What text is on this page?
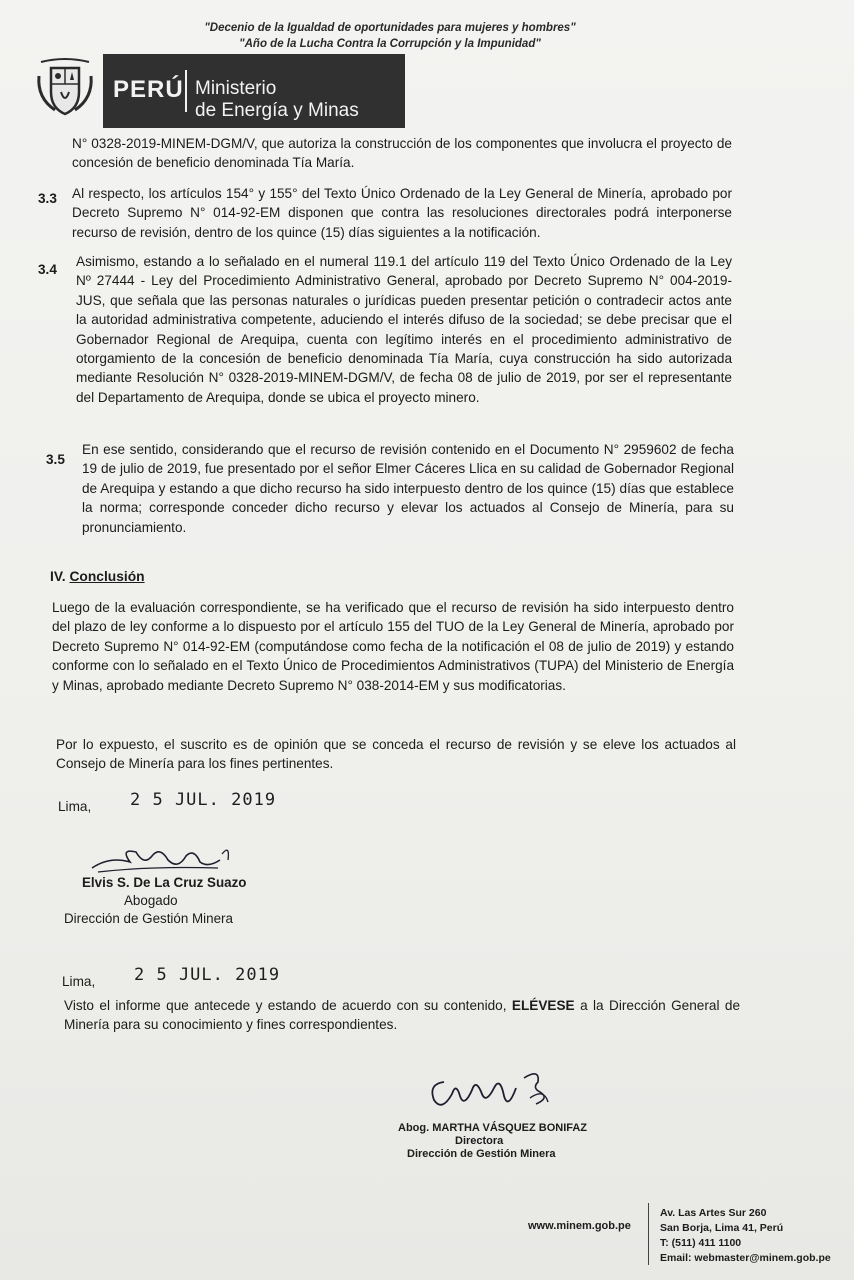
"Decenio de la Igualdad de oportunidades para mujeres y hombres"
"Año de la Lucha Contra la Corrupción y la Impunidad"
PERÚ Ministerio
de Energía y Minas
N° 0328-2019-MINEM-DGM/V, que autoriza la construcción de los componentes que involucra el proyecto de concesión de beneficio denominada Tía María.
3.3 Al respecto, los artículos 154° y 155° del Texto Único Ordenado de la Ley General de Minería, aprobado por Decreto Supremo N° 014-92-EM disponen que contra las resoluciones directorales podrá interponerse recurso de revisión, dentro de los quince (15) días siguientes a la notificación.
3.4
Asimismo, estando a lo señalado en el numeral 119.1 del artículo 119 del Texto Único Ordenado de la Ley Nº 27444 - Ley del Procedimiento Administrativo General, aprobado por Decreto Supremo N° 004-2019-JUS, que señala que las personas naturales o jurídicas pueden presentar petición o contradecir actos ante la autoridad administrativa competente, aduciendo el interés difuso de la sociedad; se debe precisar que el Gobernador Regional de Arequipa, cuenta con legítimo interés en el procedimiento administrativo de otorgamiento de la concesión de beneficio denominada Tía María, cuya construcción ha sido autorizada mediante Resolución N° 0328-2019-MINEM-DGM/V, de fecha 08 de julio de 2019, por ser el representante del Departamento de Arequipa, donde se ubica el proyecto minero.
3.5
En ese sentido, considerando que el recurso de revisión contenido en el Documento N° 2959602 de fecha 19 de julio de 2019, fue presentado por el señor Elmer Cáceres Llica en su calidad de Gobernador Regional de Arequipa y estando a que dicho recurso ha sido interpuesto dentro de los quince (15) días que establece la norma; corresponde conceder dicho recurso y elevar los actuados al Consejo de Minería, para su pronunciamiento.
IV. Conclusión
Luego de la evaluación correspondiente, se ha verificado que el recurso de revisión ha sido interpuesto dentro del plazo de ley conforme a lo dispuesto por el artículo 155 del TUO de la Ley General de Minería, aprobado por Decreto Supremo N° 014-92-EM (computándose como fecha de la notificación el 08 de julio de 2019) y estando conforme con lo señalado en el Texto Único de Procedimientos Administrativos (TUPA) del Ministerio de Energía y Minas, aprobado mediante Decreto Supremo N° 038-2014-EM y sus modificatorias.
Por lo expuesto, el suscrito es de opinión que se conceda el recurso de revisión y se eleve los actuados al Consejo de Minería para los fines pertinentes.
Lima, 2 5 JUL. 2019
Elvis S. De La Cruz Suazo
Abogado
Dirección de Gestión Minera
Lima, 2 5 JUL. 2019
Visto el informe que antecede y estando de acuerdo con su contenido, ELÉVESE a la Dirección General de Minería para su conocimiento y fines correspondientes.
Abog. MARTHA VÁSQUEZ BONIFAZ
Directora
Dirección de Gestión Minera
www.minem.gob.pe
Av. Las Artes Sur 260
San Borja, Lima 41, Perú
T: (511) 411 1100
Email: webmaster@minem.gob.pe
